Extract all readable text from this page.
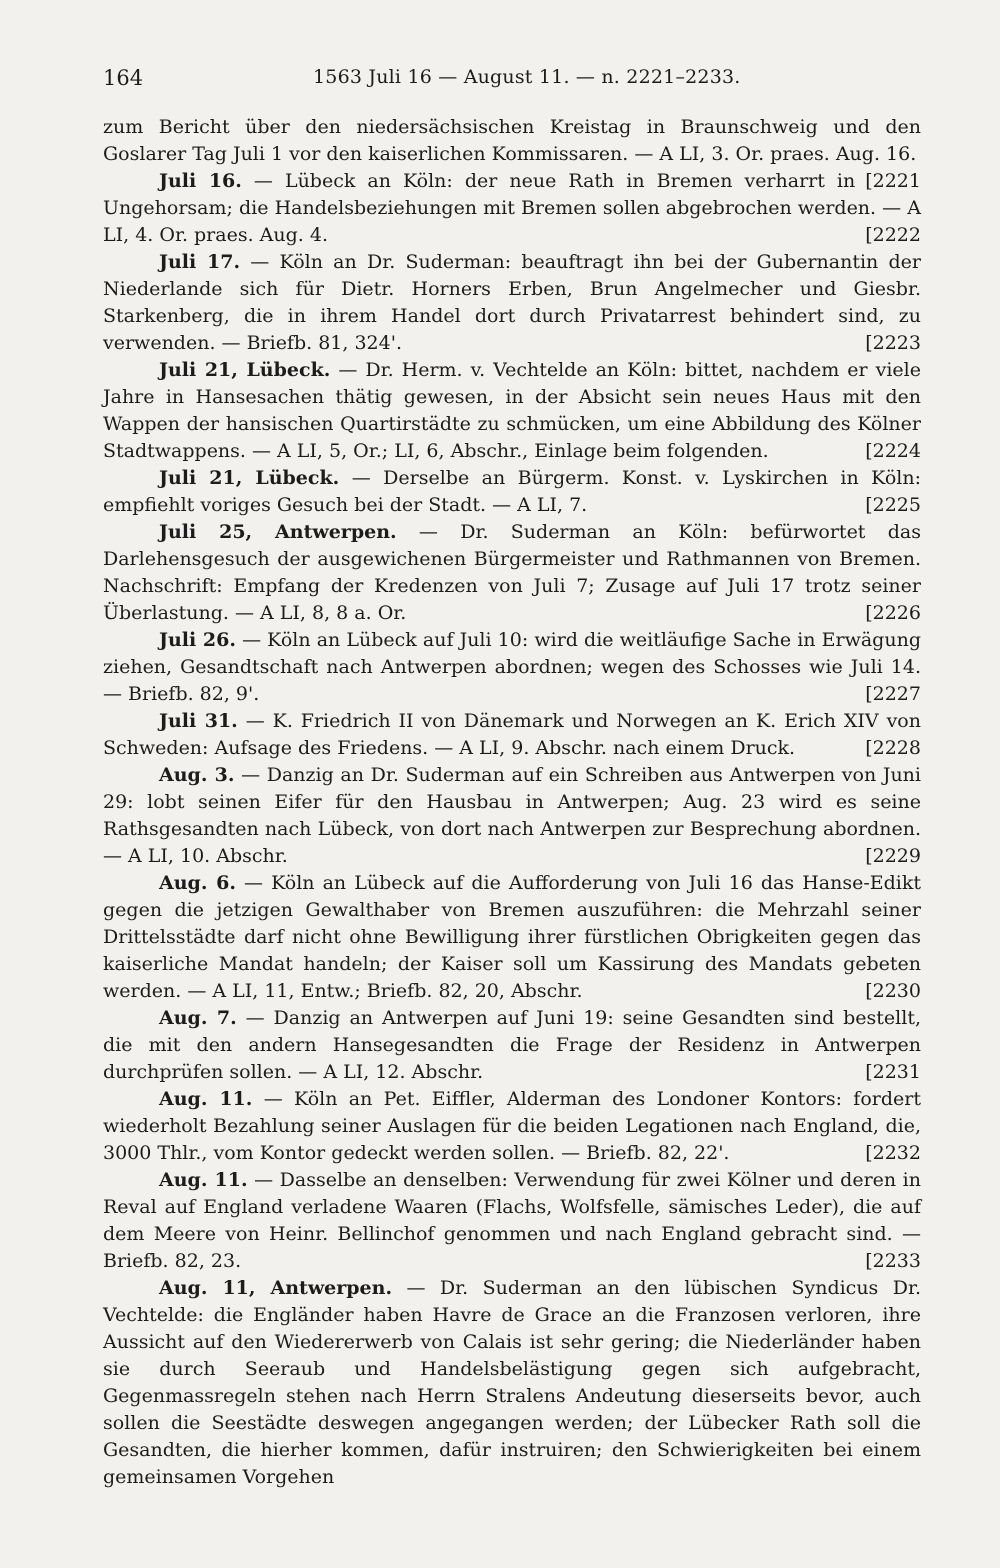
164	1563 Juli 16 — August 11. — n. 2221–2233.

zum Bericht über den niedersächsischen Kreistag in Braunschweig und den Goslarer Tag Juli 1 vor den kaiserlichen Kommissaren. — A LI, 3. Or. praes. Aug. 16.
[2221

Juli 16. — Lübeck an Köln: der neue Rath in Bremen verharrt in Ungehorsam; die Handelsbeziehungen mit Bremen sollen abgebrochen werden. — A LI, 4. Or. praes. Aug. 4.	[2222

Juli 17. — Köln an Dr. Suderman: beauftragt ihn bei der Gubernantin der Niederlande sich für Dietr. Horners Erben, Brun Angelmecher und Giesbr. Starkenberg, die in ihrem Handel dort durch Privatarrest behindert sind, zu verwenden. — Briefb. 81, 324'.	[2223

Juli 21, Lübeck. — Dr. Herm. v. Vechtelde an Köln: bittet, nachdem er viele Jahre in Hansesachen thätig gewesen, in der Absicht sein neues Haus mit den Wappen der hansischen Quartirstädte zu schmücken, um eine Abbildung des Kölner Stadtwappens. — A LI, 5, Or.; LI, 6, Abschr., Einlage beim folgenden.	[2224

Juli 21, Lübeck. — Derselbe an Bürgerm. Konst. v. Lyskirchen in Köln: empfiehlt voriges Gesuch bei der Stadt. — A LI, 7.	[2225

Juli 25, Antwerpen. — Dr. Suderman an Köln: befürwortet das Darlehensgesuch der ausgewichenen Bürgermeister und Rathmannen von Bremen. Nachschrift: Empfang der Kredenzen von Juli 7; Zusage auf Juli 17 trotz seiner Überlastung. — A LI, 8, 8 a. Or.	[2226

Juli 26. — Köln an Lübeck auf Juli 10: wird die weitläufige Sache in Erwägung ziehen, Gesandtschaft nach Antwerpen abordnen; wegen des Schosses wie Juli 14. — Briefb. 82, 9'.	[2227

Juli 31. — K. Friedrich II von Dänemark und Norwegen an K. Erich XIV von Schweden: Aufsage des Friedens. — A LI, 9. Abschr. nach einem Druck.	[2228

Aug. 3. — Danzig an Dr. Suderman auf ein Schreiben aus Antwerpen von Juni 29: lobt seinen Eifer für den Hausbau in Antwerpen; Aug. 23 wird es seine Rathsgesandten nach Lübeck, von dort nach Antwerpen zur Besprechung abordnen. — A LI, 10. Abschr.	[2229

Aug. 6. — Köln an Lübeck auf die Aufforderung von Juli 16 das Hanse-Edikt gegen die jetzigen Gewalthaber von Bremen auszuführen: die Mehrzahl seiner Drittelsstädte darf nicht ohne Bewilligung ihrer fürstlichen Obrigkeiten gegen das kaiserliche Mandat handeln; der Kaiser soll um Kassirung des Mandats gebeten werden. — A LI, 11, Entw.; Briefb. 82, 20, Abschr.	[2230

Aug. 7. — Danzig an Antwerpen auf Juni 19: seine Gesandten sind bestellt, die mit den andern Hansegesandten die Frage der Residenz in Antwerpen durchprüfen sollen. — A LI, 12. Abschr.	[2231

Aug. 11. — Köln an Pet. Eiffler, Alderman des Londoner Kontors: fordert wiederholt Bezahlung seiner Auslagen für die beiden Legationen nach England, die, 3000 Thlr., vom Kontor gedeckt werden sollen. — Briefb. 82, 22'.	[2232

Aug. 11. — Dasselbe an denselben: Verwendung für zwei Kölner und deren in Reval auf England verladene Waaren (Flachs, Wolfsfelle, sämisches Leder), die auf dem Meere von Heinr. Bellinchof genommen und nach England gebracht sind. — Briefb. 82, 23.	[2233

Aug. 11, Antwerpen. — Dr. Suderman an den lübischen Syndicus Dr. Vechtelde: die Engländer haben Havre de Grace an die Franzosen verloren, ihre Aussicht auf den Wiedererwerb von Calais ist sehr gering; die Niederländer haben sie durch Seeraub und Handelsbelästigung gegen sich aufgebracht, Gegenmassregeln stehen nach Herrn Stralens Andeutung dieserseits bevor, auch sollen die Seestädte deswegen angegangen werden; der Lübecker Rath soll die Gesandten, die hierher kommen, dafür instruiren; den Schwierigkeiten bei einem gemeinsamen Vorgehen
